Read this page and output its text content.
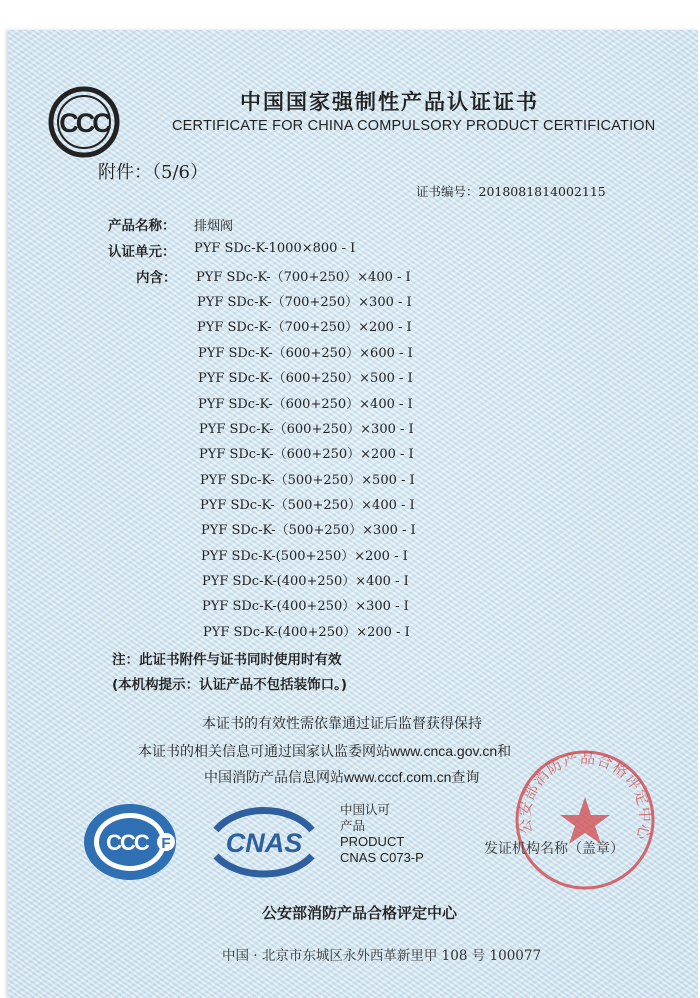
CCC
中国国家强制性产品认证证书
CERTIFICATE FOR CHINA COMPULSORY PRODUCT CERTIFICATION
附件：（5/6）
证书编号：2018081814002115
产品名称： 排烟阀
认证单元： PYF SDc-K-1000×800 - I
内含： PYF SDc-K-（700+250）×400 - I
PYF SDc-K-（700+250）×300 - I
PYF SDc-K-（700+250）×200 - I
PYF SDc-K-（600+250）×600 - I
PYF SDc-K-（600+250）×500 - I
PYF SDc-K-（600+250）×400 - I
PYF SDc-K-（600+250）×300 - I
PYF SDc-K-（600+250）×200 - I
PYF SDc-K-（500+250）×500 - I
PYF SDc-K-（500+250）×400 - I
PYF SDc-K-（500+250）×300 - I
PYF SDc-K-(500+250）×200 - I
PYF SDc-K-(400+250）×400 - I
PYF SDc-K-(400+250）×300 - I
PYF SDc-K-(400+250）×200 - I
注：此证书附件与证书同时使用时有效
(本机构提示：认证产品不包括装饰口。)
本证书的有效性需依靠通过证后监督获得保持
本证书的相关信息可通过国家认监委网站www.cnca.gov.cn和
中国消防产品信息网站www.cccf.com.cn查询
CCC F CNAS
中国认可
产品
PRODUCT
CNAS C073-P
公安部消防产品合格评定中心
发证机构名称（盖章）
公安部消防产品合格评定中心
中国 · 北京市东城区永外西革新里甲 108 号 100077
